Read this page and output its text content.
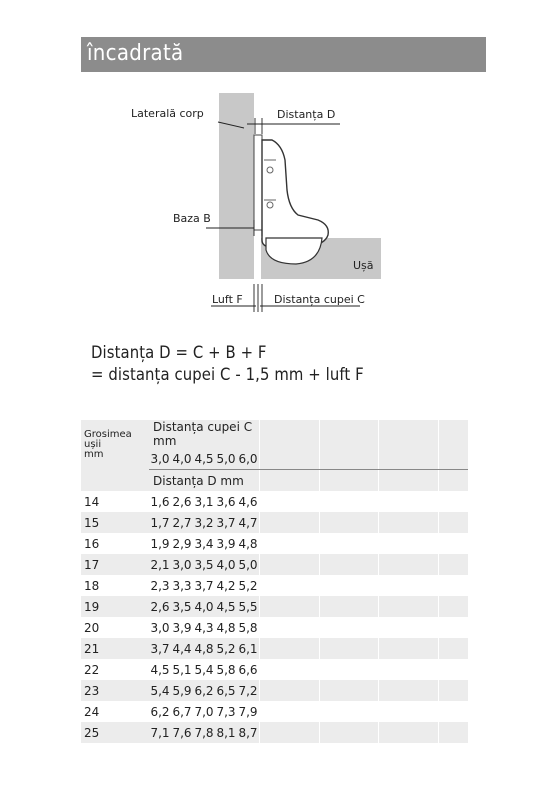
încadrată
Laterală corp	Distanța D
Baza B
Ușă
Luft F	Distanța cupei C
Distanța D = C + B + F
= distanța cupei C - 1,5 mm + luft F
Grosimea
ușii
mm	Distanța cupei C mm								
	3,0	4,0	4,5	5,0	6,0				
	Distanța D mm								
14	1,6	2,6	3,1	3,6	4,6				
15	1,7	2,7	3,2	3,7	4,7				
16	1,9	2,9	3,4	3,9	4,8				
17	2,1	3,0	3,5	4,0	5,0				
18	2,3	3,3	3,7	4,2	5,2				
19	2,6	3,5	4,0	4,5	5,5				
20	3,0	3,9	4,3	4,8	5,8				
21	3,7	4,4	4,8	5,2	6,1				
22	4,5	5,1	5,4	5,8	6,6				
23	5,4	5,9	6,2	6,5	7,2				
24	6,2	6,7	7,0	7,3	7,9				
25	7,1	7,6	7,8	8,1	8,7				
